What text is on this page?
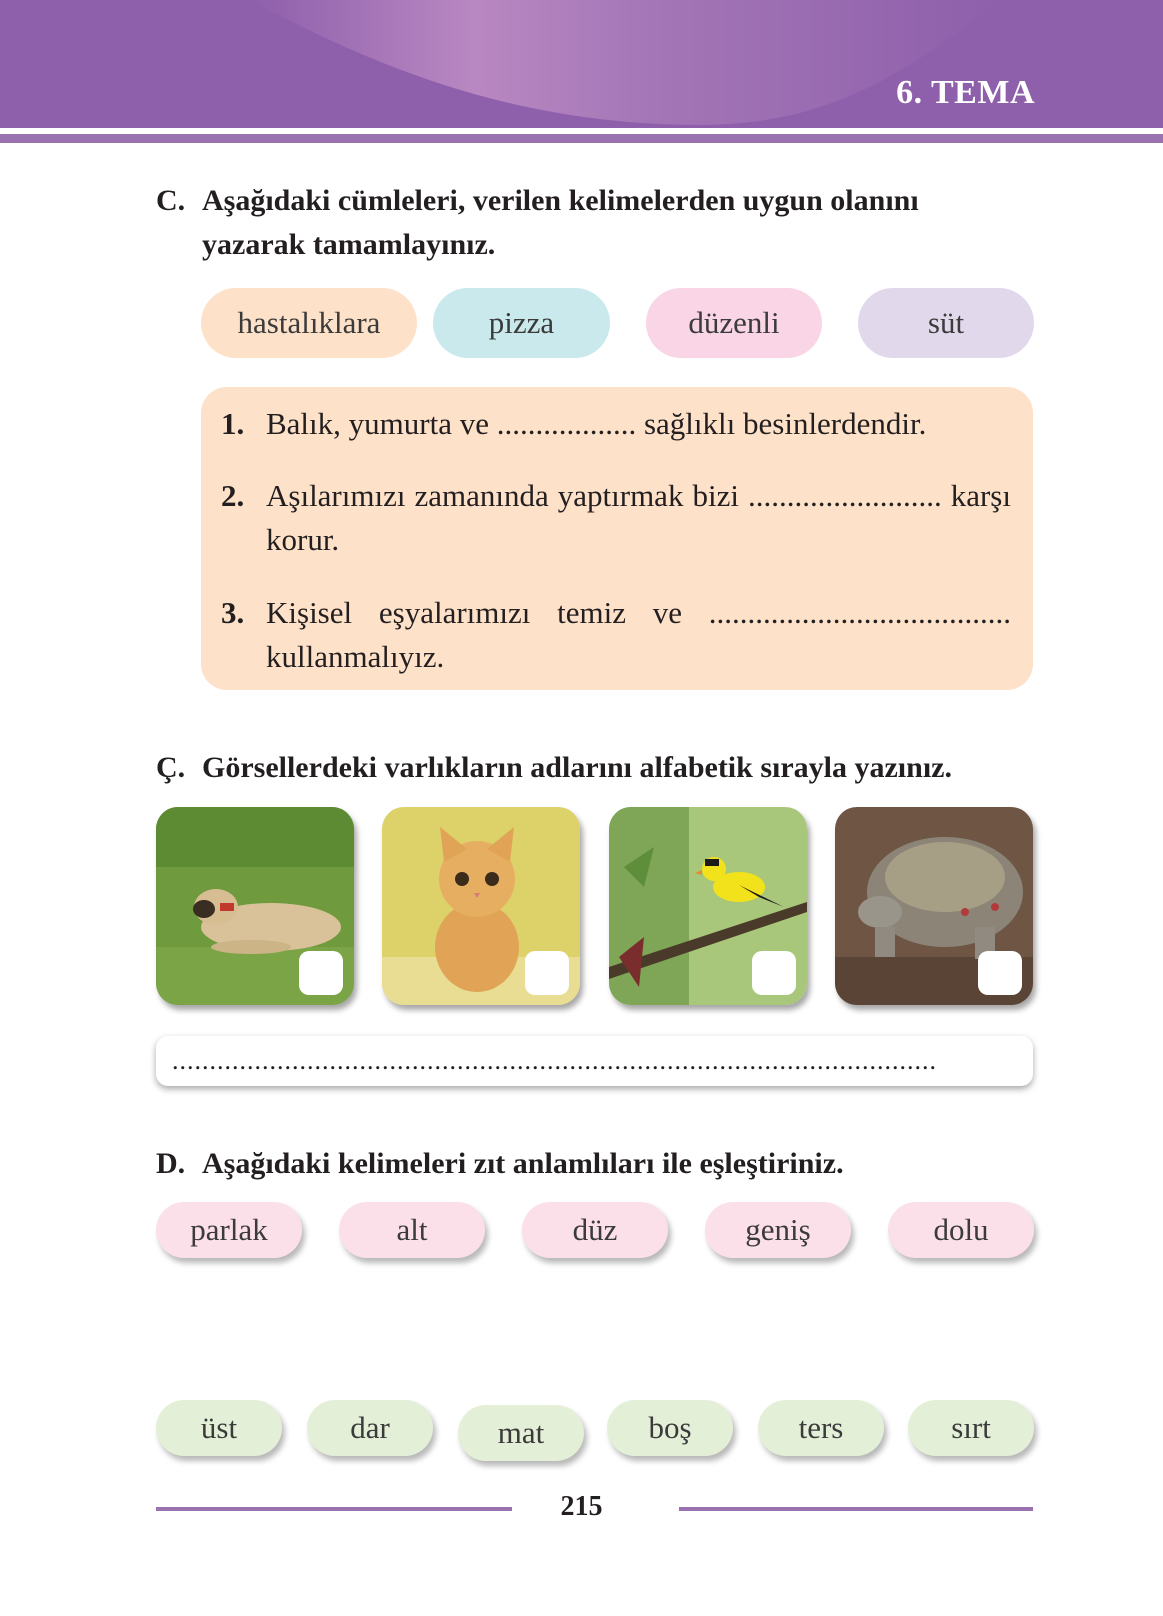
6. TEMA
C. Aşağıdaki cümleleri, verilen kelimelerden uygun olanını
yazarak tamamlayınız.
hastalıklara	pizza	düzenli	süt
1. Balık, yumurta ve .................. sağlıklı besinlerdendir.
2. Aşılarımızı zamanında yaptırmak bizi ......................... karşı korur.
3. Kişisel eşyalarımızı temiz ve ....................................... kullanmalıyız.
Ç. Görsellerdeki varlıkların adlarını alfabetik sırayla yazınız.
......................................................................................................
D. Aşağıdaki kelimeleri zıt anlamlıları ile eşleştiriniz.
parlak	alt	düz	geniş	dolu
üst	dar	mat	boş	ters	sırt
215
